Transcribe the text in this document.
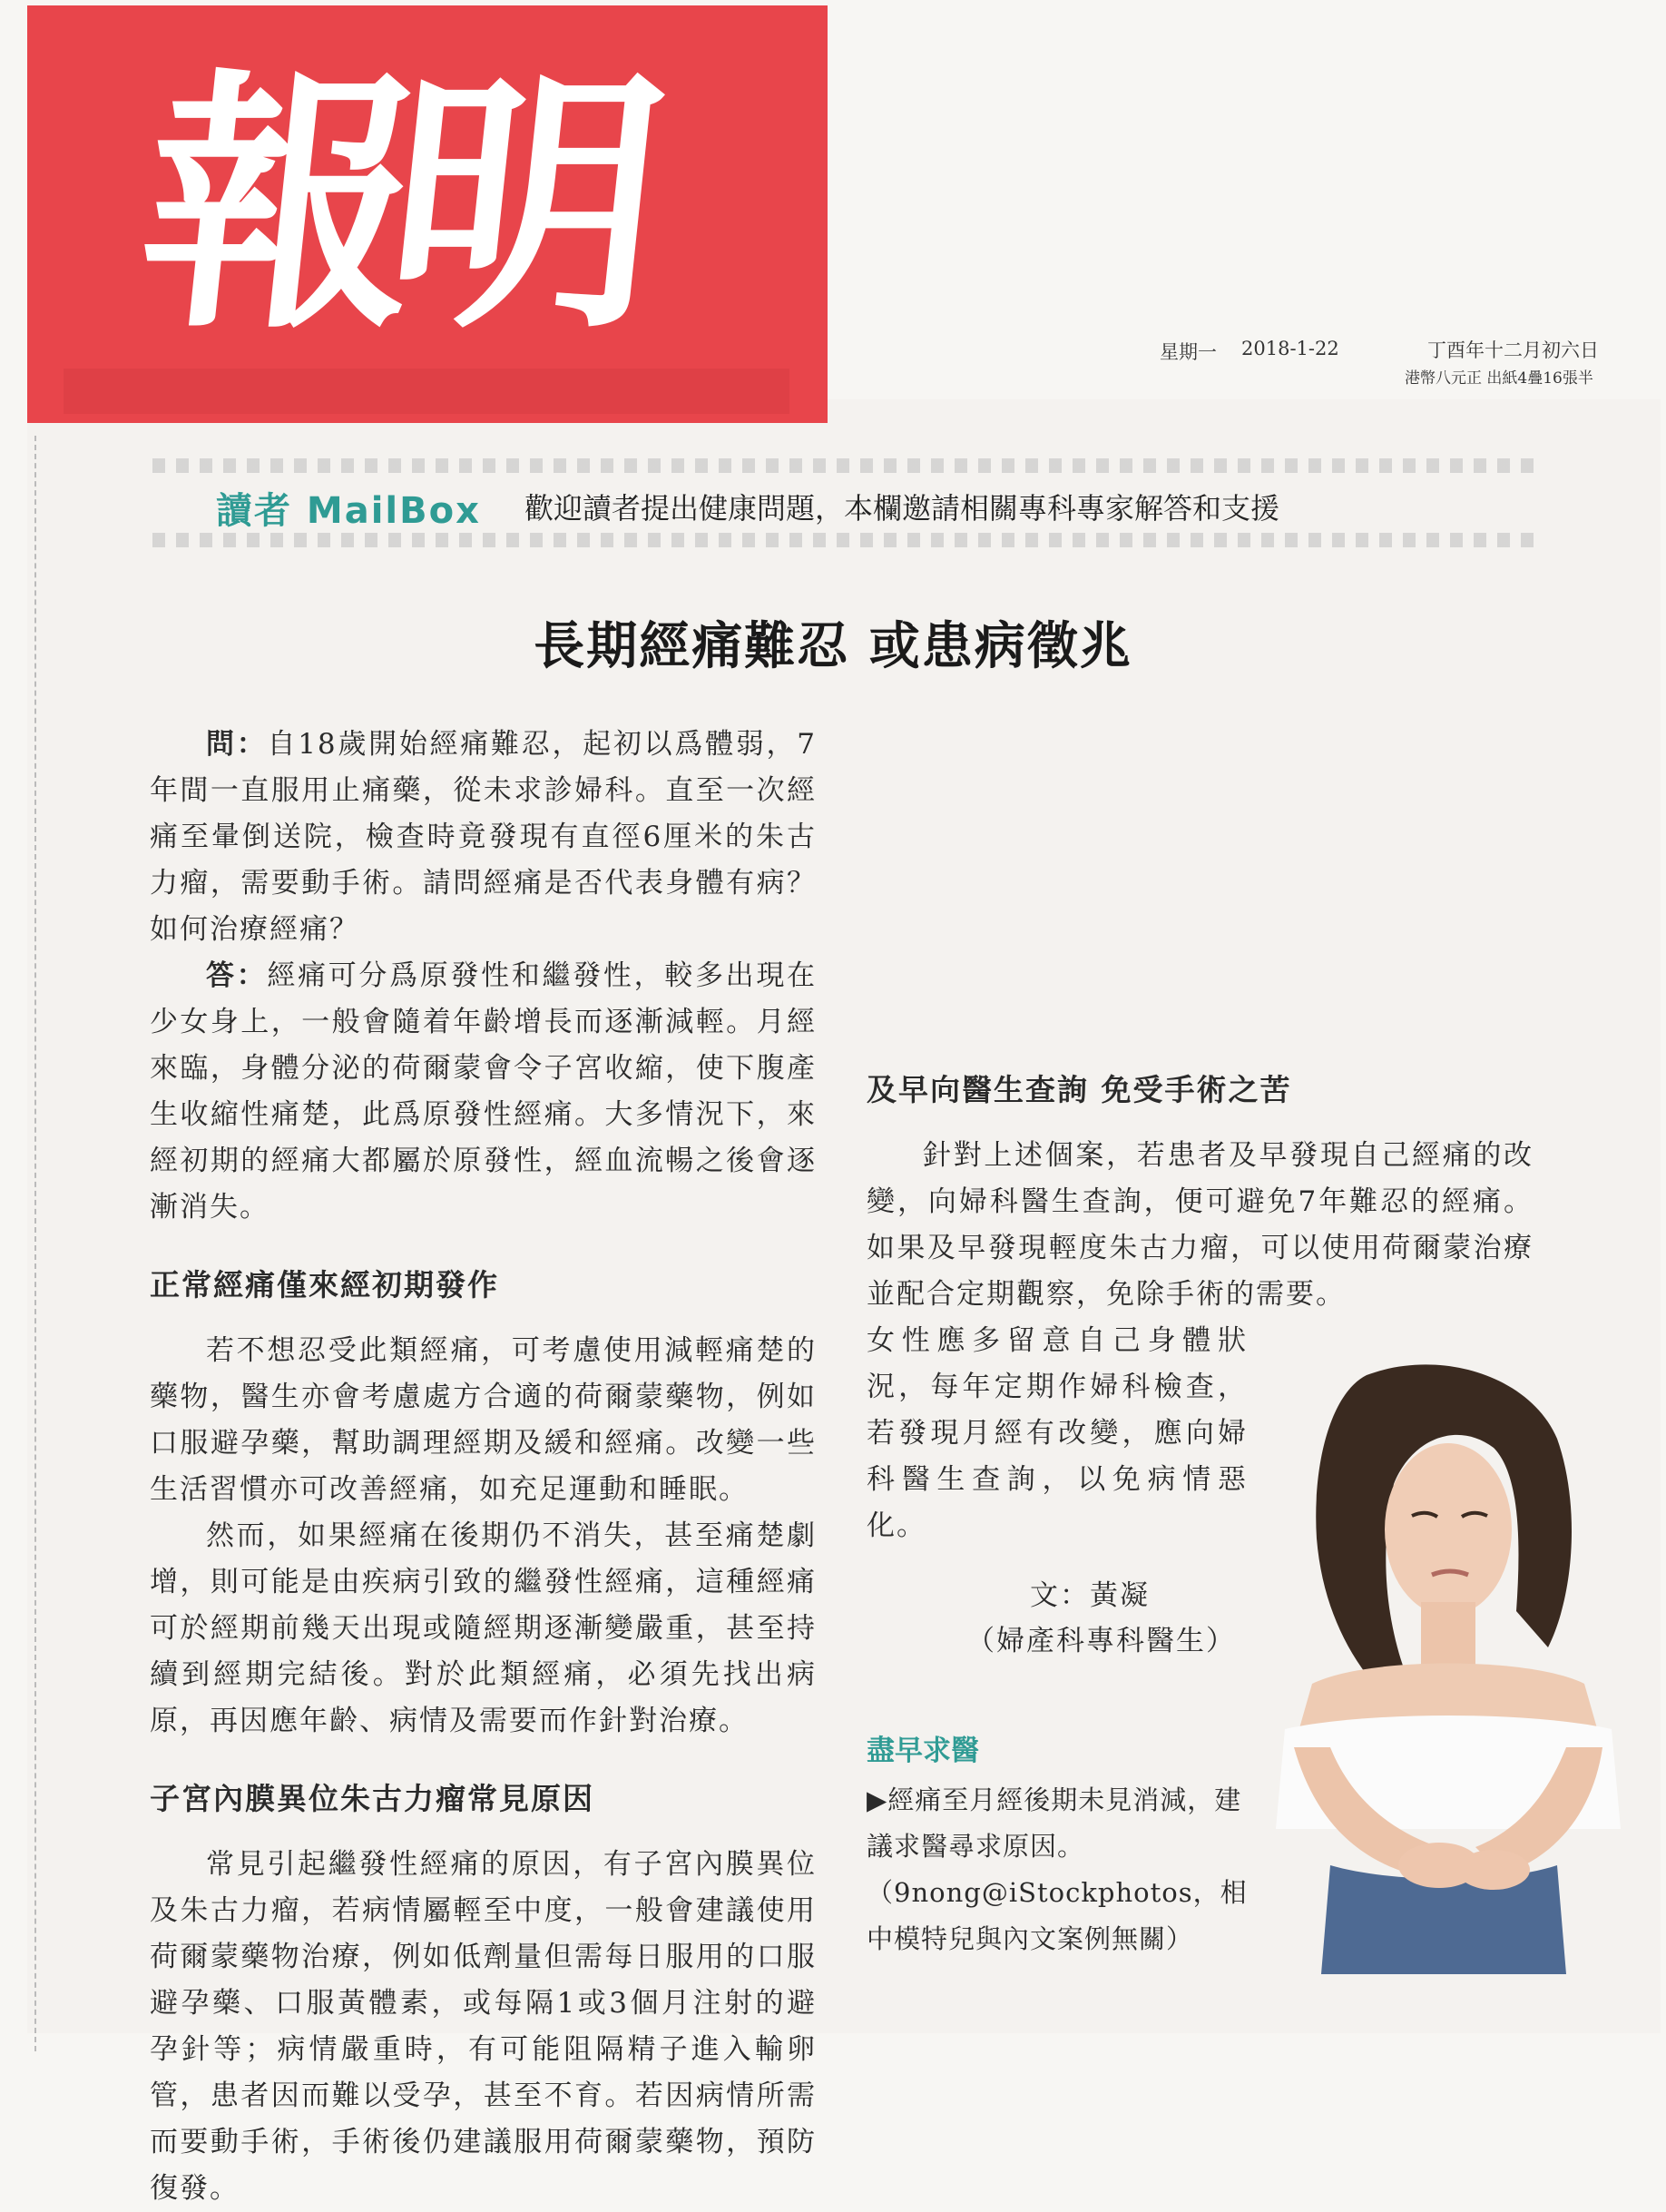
報明	星期一 2018-1-22	丁酉年十二月初六日
港幣八元正 出紙4疊16張半
讀者 MailBox 歡迎讀者提出健康問題，本欄邀請相關專科專家解答和支援
長期經痛難忍 或患病徵兆

問：自18歲開始經痛難忍，起初以爲體弱，7年間一直服用止痛藥，從未求診婦科。直至一次經痛至暈倒送院，檢查時竟發現有直徑6厘米的朱古力瘤，需要動手術。請問經痛是否代表身體有病？如何治療經痛？

答：經痛可分爲原發性和繼發性，較多出現在少女身上，一般會隨着年齡增長而逐漸減輕。月經來臨，身體分泌的荷爾蒙會令子宮收縮，使下腹產生收縮性痛楚，此爲原發性經痛。大多情況下，來經初期的經痛大都屬於原發性，經血流暢之後會逐漸消失。

正常經痛僅來經初期發作

若不想忍受此類經痛，可考慮使用減輕痛楚的藥物，醫生亦會考慮處方合適的荷爾蒙藥物，例如口服避孕藥，幫助調理經期及緩和經痛。改變一些生活習慣亦可改善經痛，如充足運動和睡眠。

然而，如果經痛在後期仍不消失，甚至痛楚劇增，則可能是由疾病引致的繼發性經痛，這種經痛可於經期前幾天出現或隨經期逐漸變嚴重，甚至持續到經期完結後。對於此類經痛，必須先找出病原，再因應年齡、病情及需要而作針對治療。

子宮內膜異位朱古力瘤常見原因

常見引起繼發性經痛的原因，有子宮內膜異位及朱古力瘤，若病情屬輕至中度，一般會建議使用荷爾蒙藥物治療，例如低劑量但需每日服用的口服避孕藥、口服黃體素，或每隔1或3個月注射的避孕針等；病情嚴重時，有可能阻隔精子進入輸卵管，患者因而難以受孕，甚至不育。若因病情所需而要動手術，手術後仍建議服用荷爾蒙藥物，預防復發。

及早向醫生查詢 免受手術之苦

針對上述個案，若患者及早發現自己經痛的改變，向婦科醫生查詢，便可避免7年難忍的經痛。如果及早發現輕度朱古力瘤，可以使用荷爾蒙治療並配合定期觀察，免除手術的需要。

女性應多留意自己身體狀況，每年定期作婦科檢查，若發現月經有改變，應向婦科醫生查詢，以免病情惡化。

文：黃凝
（婦產科專科醫生）
盡早求醫
▶經痛至月經後期未見消減，建議求醫尋求原因。
（9nong@iStockphotos，相中模特兒與內文案例無關）
